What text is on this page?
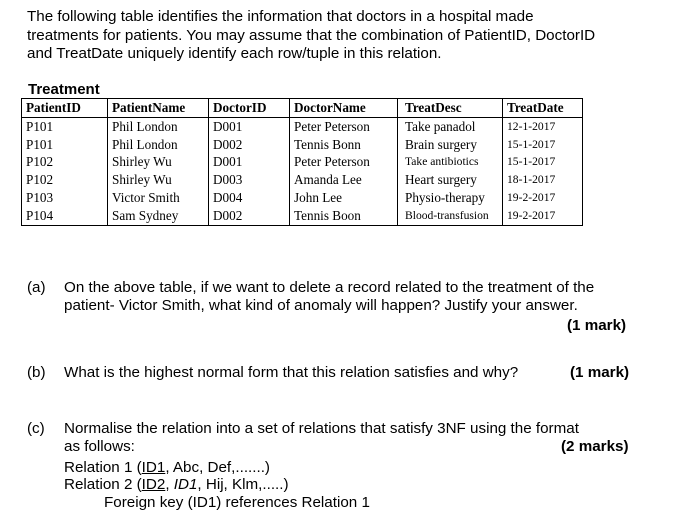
The following table identifies the information that doctors in a hospital made
treatments for patients. You may assume that the combination of PatientID, DoctorID
and TreatDate uniquely identify each row/tuple in this relation.
Treatment
PatientID	PatientName	DoctorID	DoctorName	TreatDesc	TreatDate
P101	Phil London	D001	Peter Peterson	Take panadol	12-1-2017
P101	Phil London	D002	Tennis Bonn	Brain surgery	15-1-2017
P102	Shirley Wu	D001	Peter Peterson	Take antibiotics	15-1-2017
P102	Shirley Wu	D003	Amanda Lee	Heart surgery	18-1-2017
P103	Victor Smith	D004	John Lee	Physio-therapy	19-2-2017
P104	Sam Sydney	D002	Tennis Boon	Blood-transfusion	19-2-2017
(a) On the above table, if we want to delete a record related to the treatment of the
patient- Victor Smith, what kind of anomaly will happen? Justify your answer.
(1 mark)
(b) What is the highest normal form that this relation satisfies and why?	(1 mark)
(c) Normalise the relation into a set of relations that satisfy 3NF using the format
as follows:	(2 marks)
Relation 1 (ID1, Abc, Def,.......)
Relation 2 (ID2, ID1, Hij, Klm,.....)
Foreign key (ID1) references Relation 1
